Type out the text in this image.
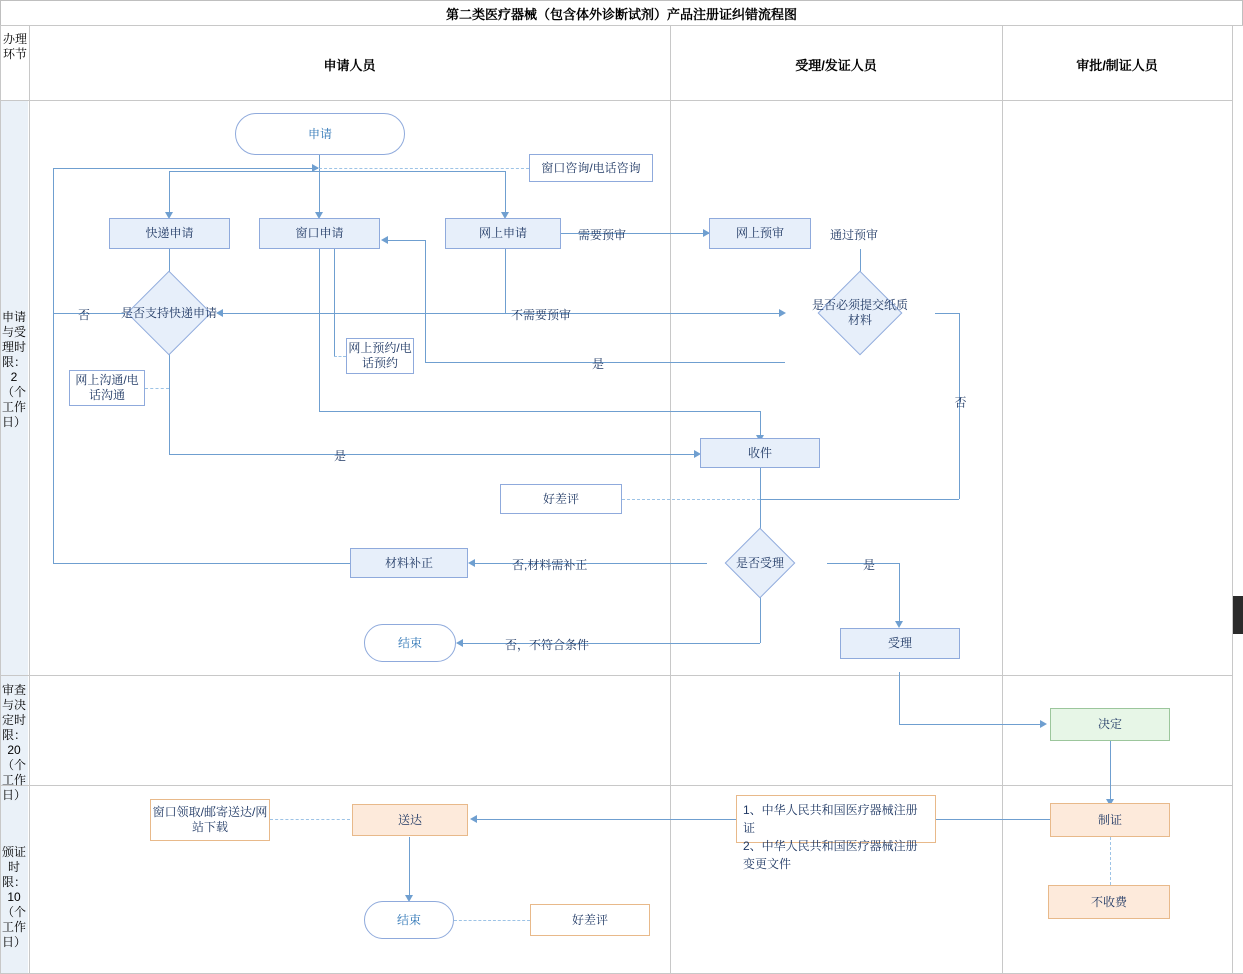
第二类医疗器械（包含体外诊断试剂）产品注册证纠错流程图
办理环节
申请人员	受理/发证人员	审批/制证人员
申请与受理时限：2（个工作日）
审查与决定时限：20（个工作日）
颁证时限：10（个工作日）
申请
窗口咨询/电话咨询
快递申请	窗口申请	网上申请	网上预审
是否支持快递申请
是否必须提交纸质材料
网上沟通/电话沟通
网上预约/电话预约
收件
好差评
是否受理
材料补正
结束	受理
决定
制证
不收费
送达
窗口领取/邮寄送达/网站下载
1、中华人民共和国医疗器械注册证
2、中华人民共和国医疗器械注册变更文件
结束	好差评
需要预审	通过预审
不需要预审
否
是
否
是
否,材料需补正	是
否，不符合条件
